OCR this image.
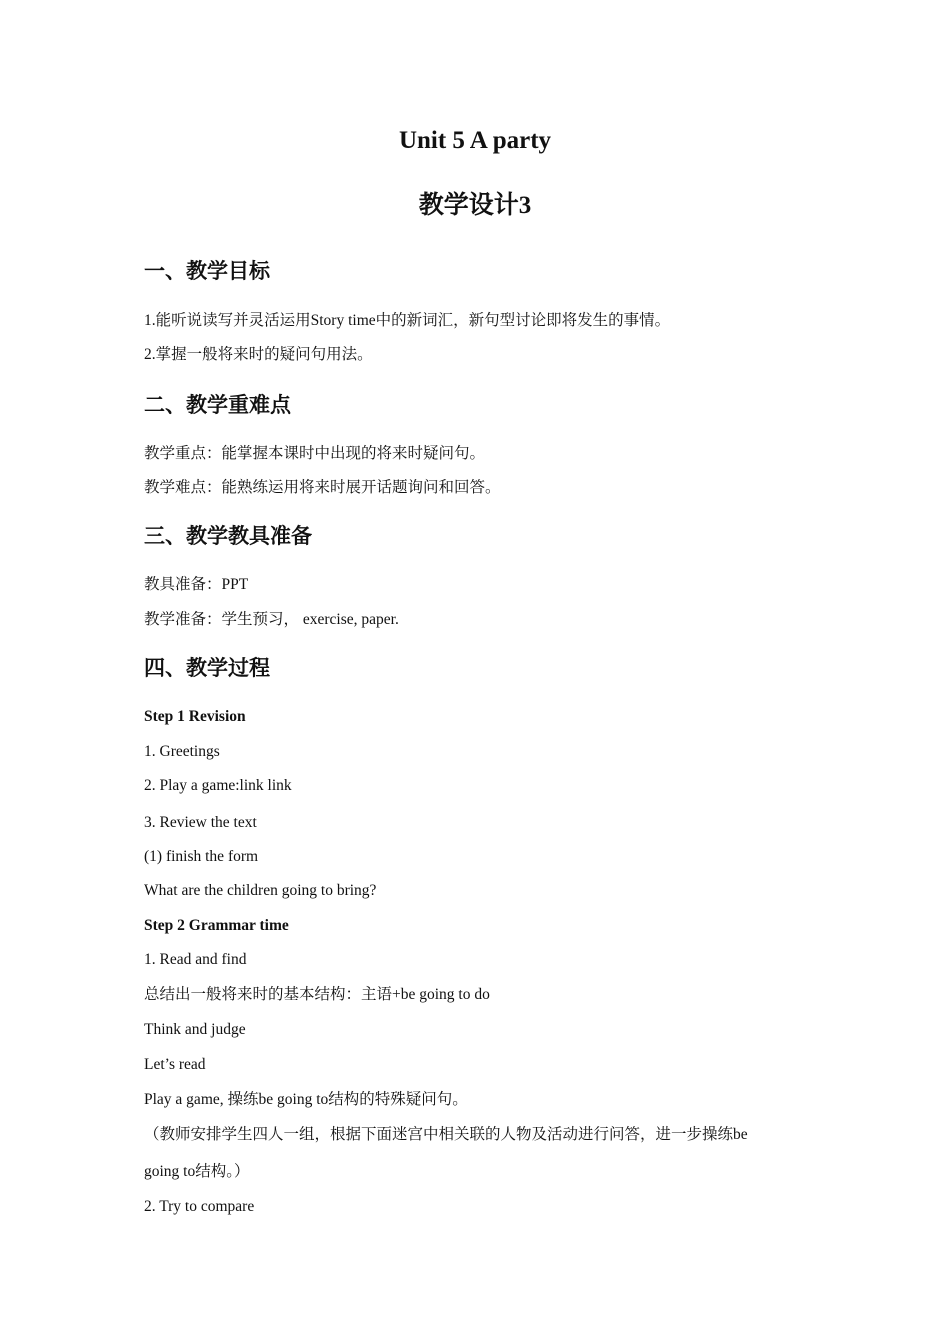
Unit 5 A party
教学设计3
一、教学目标

1.能听说读写并灵活运用Story time中的新词汇，新句型讨论即将发生的事情。

2.掌握一般将来时的疑问句用法。

二、教学重难点

教学重点：能掌握本课时中出现的将来时疑问句。

教学难点：能熟练运用将来时展开话题询问和回答。

三、教学教具准备

教具准备：PPT

教学准备：学生预习， exercise, paper.

四、教学过程

Step 1 Revision

1. Greetings

2. Play a game:link link

3. Review the text

(1) finish the form

What are the children going to bring?

Step 2 Grammar time

1. Read and find

总结出一般将来时的基本结构：主语+be going to do

Think and judge

Let’s read

Play a game, 操练be going to结构的特殊疑问句。

（教师安排学生四人一组，根据下面迷宫中相关联的人物及活动进行问答，进一步操练be

going to结构。）

2. Try to compare
